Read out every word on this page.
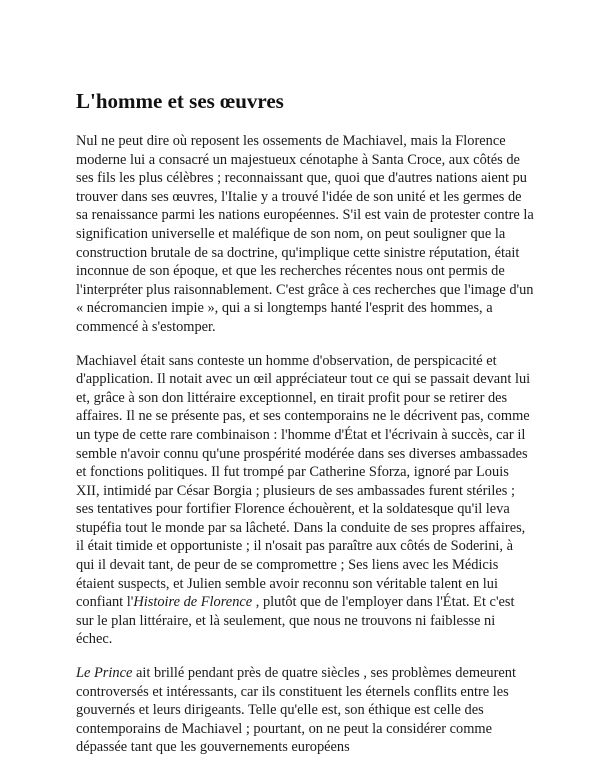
L'homme et ses œuvres

Nul ne peut dire où reposent les ossements de Machiavel, mais la Florence moderne lui a consacré un majestueux cénotaphe à Santa Croce, aux côtés de ses fils les plus célèbres ; reconnaissant que, quoi que d'autres nations aient pu trouver dans ses œuvres, l'Italie y a trouvé l'idée de son unité et les germes de sa renaissance parmi les nations européennes. S'il est vain de protester contre la signification universelle et maléfique de son nom, on peut souligner que la construction brutale de sa doctrine, qu'implique cette sinistre réputation, était inconnue de son époque, et que les recherches récentes nous ont permis de l'interpréter plus raisonnablement. C'est grâce à ces recherches que l'image d'un « nécromancien impie », qui a si longtemps hanté l'esprit des hommes, a commencé à s'estomper.

Machiavel était sans conteste un homme d'observation, de perspicacité et d'application. Il notait avec un œil appréciateur tout ce qui se passait devant lui et, grâce à son don littéraire exceptionnel, en tirait profit pour se retirer des affaires. Il ne se présente pas, et ses contemporains ne le décrivent pas, comme un type de cette rare combinaison : l'homme d'État et l'écrivain à succès, car il semble n'avoir connu qu'une prospérité modérée dans ses diverses ambassades et fonctions politiques. Il fut trompé par Catherine Sforza, ignoré par Louis XII, intimidé par César Borgia ; plusieurs de ses ambassades furent stériles ; ses tentatives pour fortifier Florence échouèrent, et la soldatesque qu'il leva stupéfia tout le monde par sa lâcheté. Dans la conduite de ses propres affaires, il était timide et opportuniste ; il n'osait pas paraître aux côtés de Soderini, à qui il devait tant, de peur de se compromettre ; Ses liens avec les Médicis étaient suspects, et Julien semble avoir reconnu son véritable talent en lui confiant l'Histoire de Florence , plutôt que de l'employer dans l'État. Et c'est sur le plan littéraire, et là seulement, que nous ne trouvons ni faiblesse ni échec.

Le Prince ait brillé pendant près de quatre siècles , ses problèmes demeurent controversés et intéressants, car ils constituent les éternels conflits entre les gouvernés et leurs dirigeants. Telle qu'elle est, son éthique est celle des contemporains de Machiavel ; pourtant, on ne peut la considérer comme dépassée tant que les gouvernements européens
